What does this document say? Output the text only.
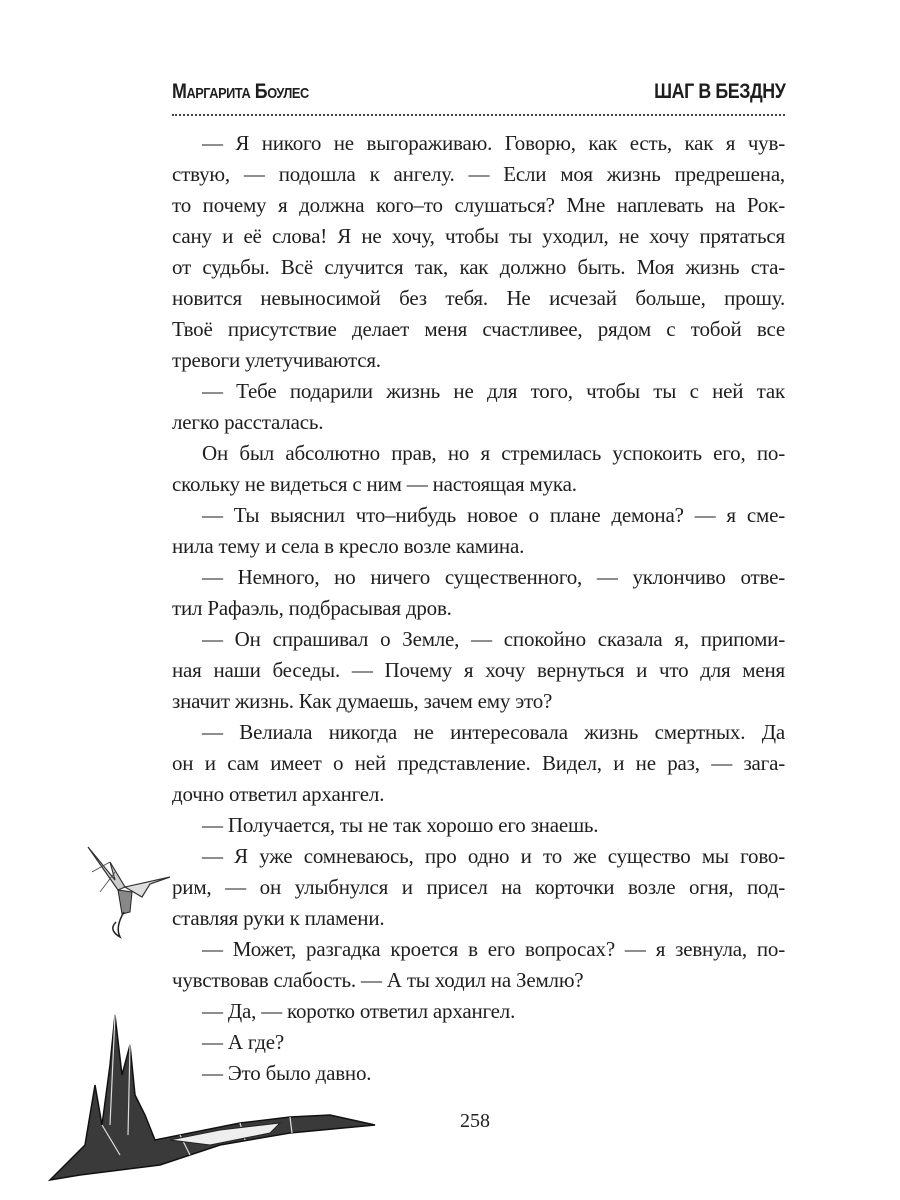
Маргарита Боулес	ШАГ В БЕЗДНУ
— Я никого не выгораживаю. Говорю, как есть, как я чув-
ствую, — подошла к ангелу. — Если моя жизнь предрешена,
то почему я должна кого–то слушаться? Мне наплевать на Рок-
сану и её слова! Я не хочу, чтобы ты уходил, не хочу прятаться
от судьбы. Всё случится так, как должно быть. Моя жизнь ста-
новится невыносимой без тебя. Не исчезай больше, прошу.
Твоё присутствие делает меня счастливее, рядом с тобой все
тревоги улетучиваются.
— Тебе подарили жизнь не для того, чтобы ты с ней так
легко рассталась.
Он был абсолютно прав, но я стремилась успокоить его, по-
скольку не видеться с ним — настоящая мука.
— Ты выяснил что–нибудь новое о плане демона? — я сме-
нила тему и села в кресло возле камина.
— Немного, но ничего существенного, — уклончиво отве-
тил Рафаэль, подбрасывая дров.
— Он спрашивал о Земле, — спокойно сказала я, припоми-
ная наши беседы. — Почему я хочу вернуться и что для меня
значит жизнь. Как думаешь, зачем ему это?
— Велиала никогда не интересовала жизнь смертных. Да
он и сам имеет о ней представление. Видел, и не раз, — зага-
дочно ответил архангел.
— Получается, ты не так хорошо его знаешь.
— Я уже сомневаюсь, про одно и то же существо мы гово-
рим, — он улыбнулся и присел на корточки возле огня, под-
ставляя руки к пламени.
— Может, разгадка кроется в его вопросах? — я зевнула, по-
чувствовав слабость. — А ты ходил на Землю?
— Да, — коротко ответил архангел.
— А где?
— Это было давно.
258
